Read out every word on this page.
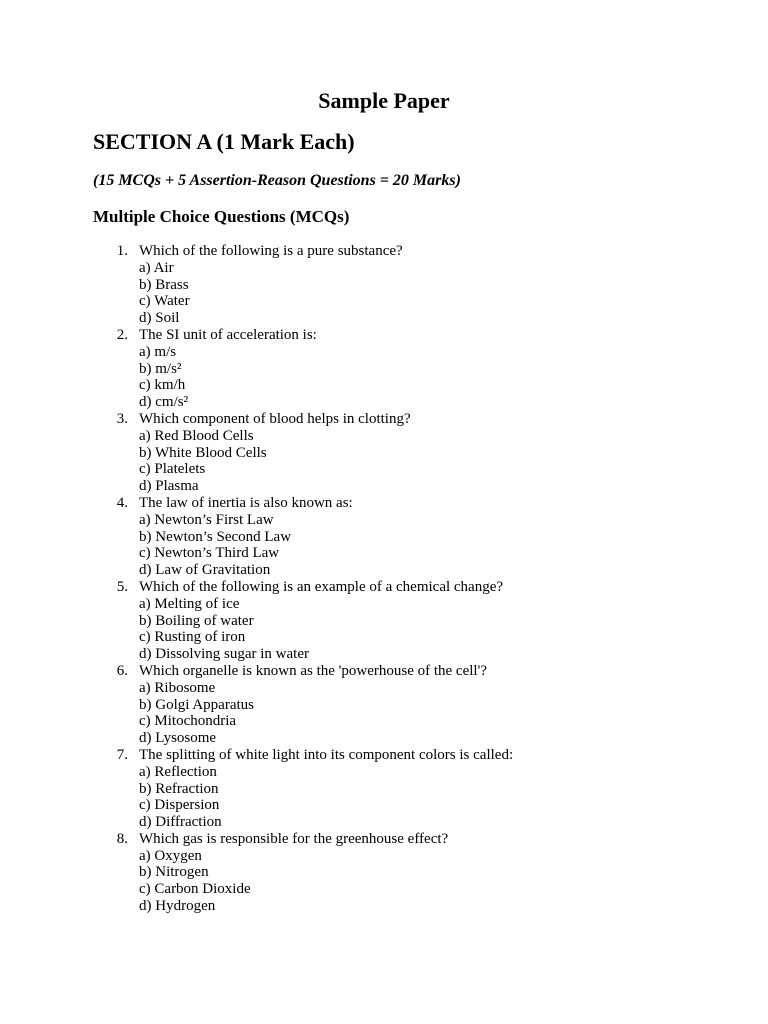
Sample Paper
SECTION A (1 Mark Each)

(15 MCQs + 5 Assertion-Reason Questions = 20 Marks)

Multiple Choice Questions (MCQs)
1. Which of the following is a pure substance?
a) Air
b) Brass
c) Water
d) Soil
2. The SI unit of acceleration is:
a) m/s
b) m/s²
c) km/h
d) cm/s²
3. Which component of blood helps in clotting?
a) Red Blood Cells
b) White Blood Cells
c) Platelets
d) Plasma
4. The law of inertia is also known as:
a) Newton’s First Law
b) Newton’s Second Law
c) Newton’s Third Law
d) Law of Gravitation
5. Which of the following is an example of a chemical change?
a) Melting of ice
b) Boiling of water
c) Rusting of iron
d) Dissolving sugar in water
6. Which organelle is known as the 'powerhouse of the cell'?
a) Ribosome
b) Golgi Apparatus
c) Mitochondria
d) Lysosome
7. The splitting of white light into its component colors is called:
a) Reflection
b) Refraction
c) Dispersion
d) Diffraction
8. Which gas is responsible for the greenhouse effect?
a) Oxygen
b) Nitrogen
c) Carbon Dioxide
d) Hydrogen
